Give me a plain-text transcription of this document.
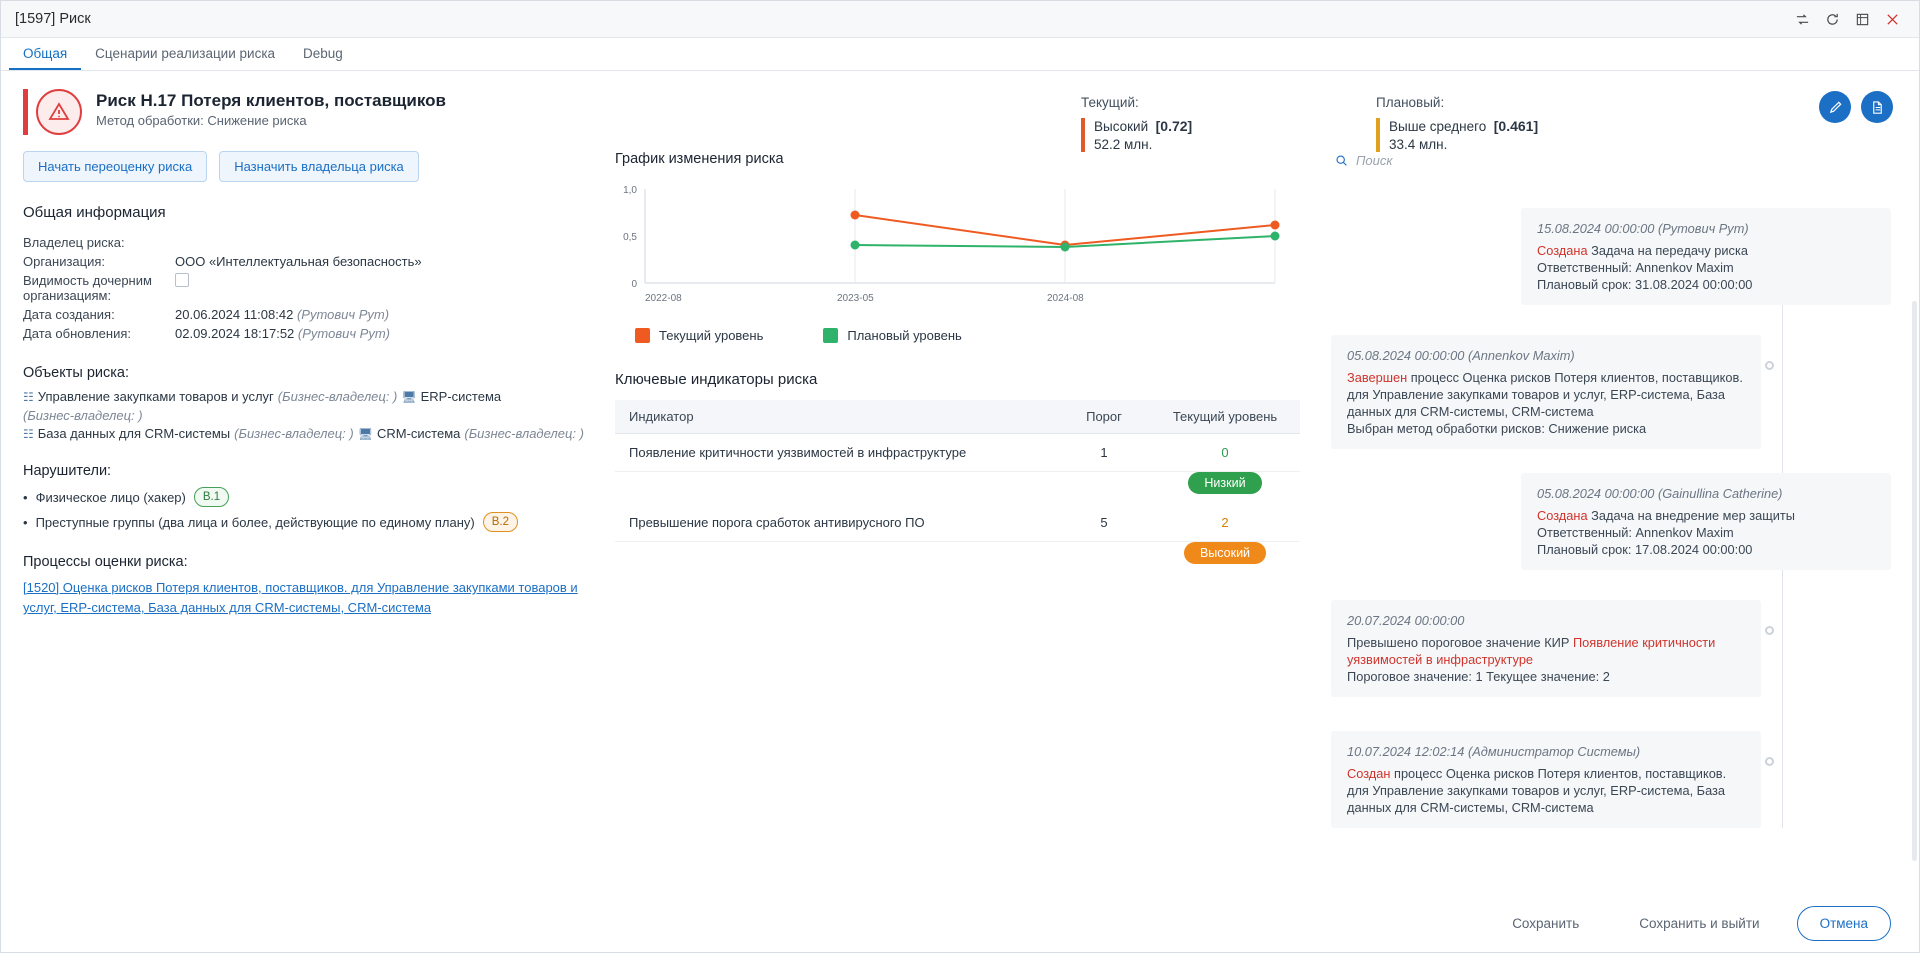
[1597] Риск
Общая	Сценарии реализации риска	Debug
Риск Н.17 Потеря клиентов, поставщиков
Метод обработки: Снижение риска
Текущий:
Высокий [0.72]
52.2 млн.
Плановый:
Выше среднего [0.461]
33.4 млн.
Начать переоценку риска	Назначить владельца риска
Общая информация
Владелец риска:	
Организация:	ООО «Интеллектуальная безопасность»
Видимость дочерним организациям:	
Дата создания:	20.06.2024 11:08:42 (Рутович Рут)
Дата обновления:	02.09.2024 18:17:52 (Рутович Рут)
Объекты риска:
☷ Управление закупками товаров и услуг (Бизнес-владелец: ) 🖥 ERP-система
(Бизнес-владелец: )
☷ База данных для CRM-системы (Бизнес-владелец: ) 🖥 CRM-система (Бизнес-владелец: )
Нарушители:
• Физическое лицо (хакер)	В.1
• Преступные группы (два лица и более, действующие по единому плану)	В.2
Процессы оценки риска:
[1520] Оценка рисков Потеря клиентов, поставщиков. для Управление закупками товаров и услуг, ERP-система, База данных для CRM-системы, CRM-система
График изменения риска
1,0
0,5
0
2022-08	2023-05	2024-08
Текущий уровень	Плановый уровень
Ключевые индикаторы риска
Индикатор	Порог	Текущий уровень
Появление критичности уязвимостей в инфраструктуре	1	0
		Низкий
Превышение порога сработок антивирусного ПО	5	2
		Высокий
Поиск
15.08.2024 00:00:00 (Рутович Рут)
Создана Задача на передачу риска
Ответственный: Annenkov Maxim
Плановый срок: 31.08.2024 00:00:00
05.08.2024 00:00:00 (Annenkov Maxim)
Завершен процесс Оценка рисков Потеря клиентов, поставщиков. для Управление закупками товаров и услуг, ERP-система, База данных для CRM-системы, CRM-система
Выбран метод обработки рисков: Снижение риска
05.08.2024 00:00:00 (Gainullina Catherine)
Создана Задача на внедрение мер защиты
Ответственный: Annenkov Maxim
Плановый срок: 17.08.2024 00:00:00
20.07.2024 00:00:00
Превышено пороговое значение КИР Появление критичности уязвимостей в инфраструктуре
Пороговое значение: 1 Текущее значение: 2
10.07.2024 12:02:14 (Администратор Системы)
Создан процесс Оценка рисков Потеря клиентов, поставщиков. для Управление закупками товаров и услуг, ERP-система, База данных для CRM-системы, CRM-система
Сохранить	Сохранить и выйти	Отмена
